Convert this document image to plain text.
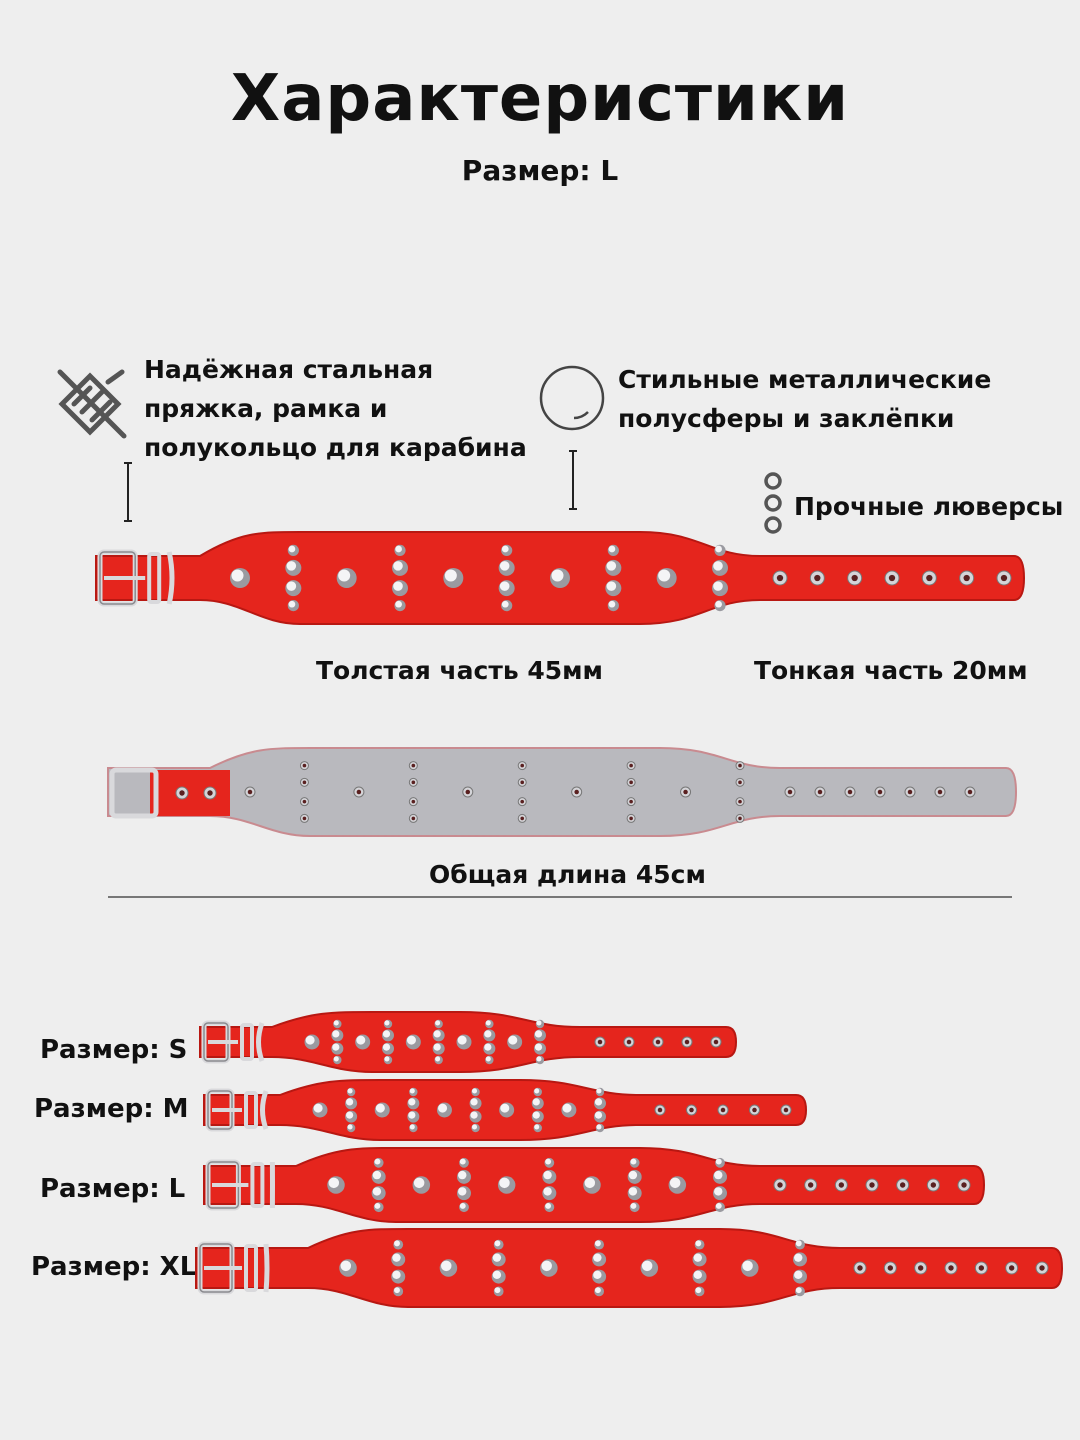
Характеристики
Размер: L
Надёжная стальная
пряжка, рамка и
полукольцо для карабина
Стильные металлические
полусферы и заклёпки
Прочные люверсы
Толстая часть 45мм	Тонкая часть 20мм
Общая длина 45см
Размер: S
Размер: M
Размер: L
Размер: XL
